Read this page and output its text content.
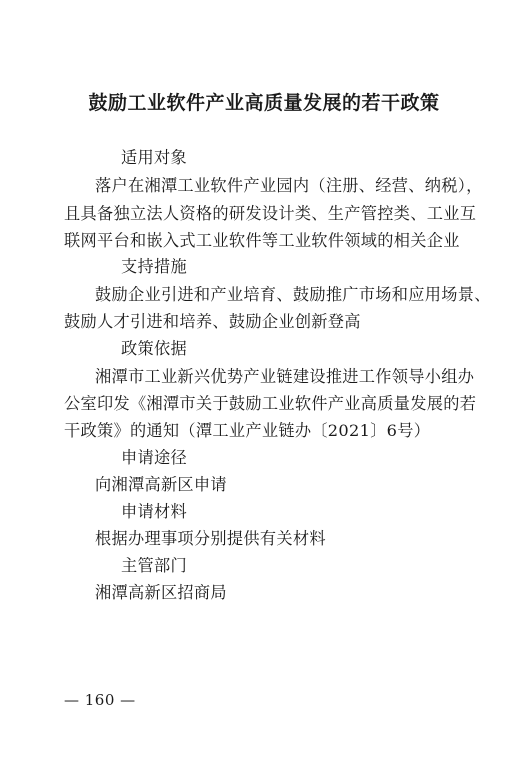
鼓励工业软件产业高质量发展的若干政策

适用对象

落户在湘潭工业软件产业园内（注册、经营、纳税），

且具备独立法人资格的研发设计类、生产管控类、工业互

联网平台和嵌入式工业软件等工业软件领域的相关企业

支持措施

鼓励企业引进和产业培育、鼓励推广市场和应用场景、

鼓励人才引进和培养、鼓励企业创新登高

政策依据

湘潭市工业新兴优势产业链建设推进工作领导小组办

公室印发《湘潭市关于鼓励工业软件产业高质量发展的若

干政策》的通知（潭工业产业链办〔2021〕6号）

申请途径

向湘潭高新区申请

申请材料

根据办理事项分别提供有关材料

主管部门

湘潭高新区招商局

— 160 —
